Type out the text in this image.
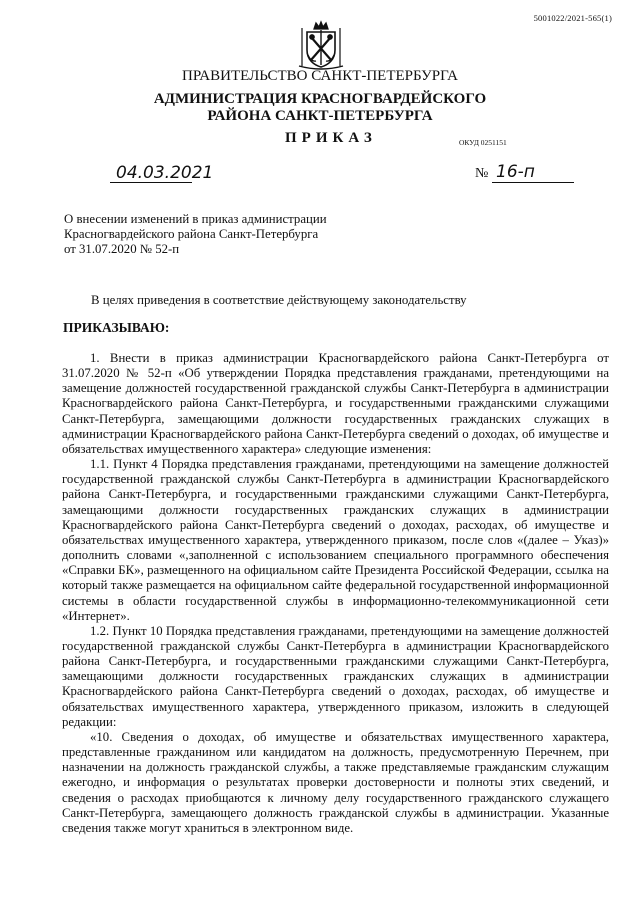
5001022/2021-565(1)
ПРАВИТЕЛЬСТВО САНКТ-ПЕТЕРБУРГА
АДМИНИСТРАЦИЯ КРАСНОГВАРДЕЙСКОГО
РАЙОНА САНКТ-ПЕТЕРБУРГА
ПРИКАЗ	ОКУД 0251151
04.03.2021	№ 16-п
О внесении изменений в приказ администрации
Красногвардейского района Санкт-Петербурга
от 31.07.2020 № 52-п
В целях приведения в соответствие действующему законодательству
ПРИКАЗЫВАЮ:

1. Внести в приказ администрации Красногвардейского района Санкт-Петербурга от 31.07.2020 № 52-п «Об утверждении Порядка представления гражданами, претендующими на замещение должностей государственной гражданской службы Санкт-Петербурга в администрации Красногвардейского района Санкт-Петербурга, и государственными гражданскими служащими Санкт-Петербурга, замещающими должности государственных гражданских служащих в администрации Красногвардейского района Санкт-Петербурга сведений о доходах, об имуществе и обязательствах имущественного характера» следующие изменения:

1.1. Пункт 4 Порядка представления гражданами, претендующими на замещение должностей государственной гражданской службы Санкт-Петербурга в администрации Красногвардейского района Санкт-Петербурга, и государственными гражданскими служащими Санкт-Петербурга, замещающими должности государственных гражданских служащих в администрации Красногвардейского района Санкт-Петербурга сведений о доходах, расходах, об имуществе и обязательствах имущественного характера, утвержденного приказом, после слов «(далее – Указ)» дополнить словами «,заполненной с использованием специального программного обеспечения «Справки БК», размещенного на официальном сайте Президента Российской Федерации, ссылка на который также размещается на официальном сайте федеральной государственной информационной системы в области государственной службы в информационно-телекоммуникационной сети «Интернет».

1.2. Пункт 10 Порядка представления гражданами, претендующими на замещение должностей государственной гражданской службы Санкт-Петербурга в администрации Красногвардейского района Санкт-Петербурга, и государственными гражданскими служащими Санкт-Петербурга, замещающими должности государственных гражданских служащих в администрации Красногвардейского района Санкт-Петербурга сведений о доходах, расходах, об имуществе и обязательствах имущественного характера, утвержденного приказом, изложить в следующей редакции:

«10. Сведения о доходах, об имуществе и обязательствах имущественного характера, представленные гражданином или кандидатом на должность, предусмотренную Перечнем, при назначении на должность гражданской службы, а также представляемые гражданским служащим ежегодно, и информация о результатах проверки достоверности и полноты этих сведений, и сведения о расходах приобщаются к личному делу государственного гражданского служащего Санкт-Петербурга, замещающего должность гражданской службы в администрации. Указанные сведения также могут храниться в электронном виде.
